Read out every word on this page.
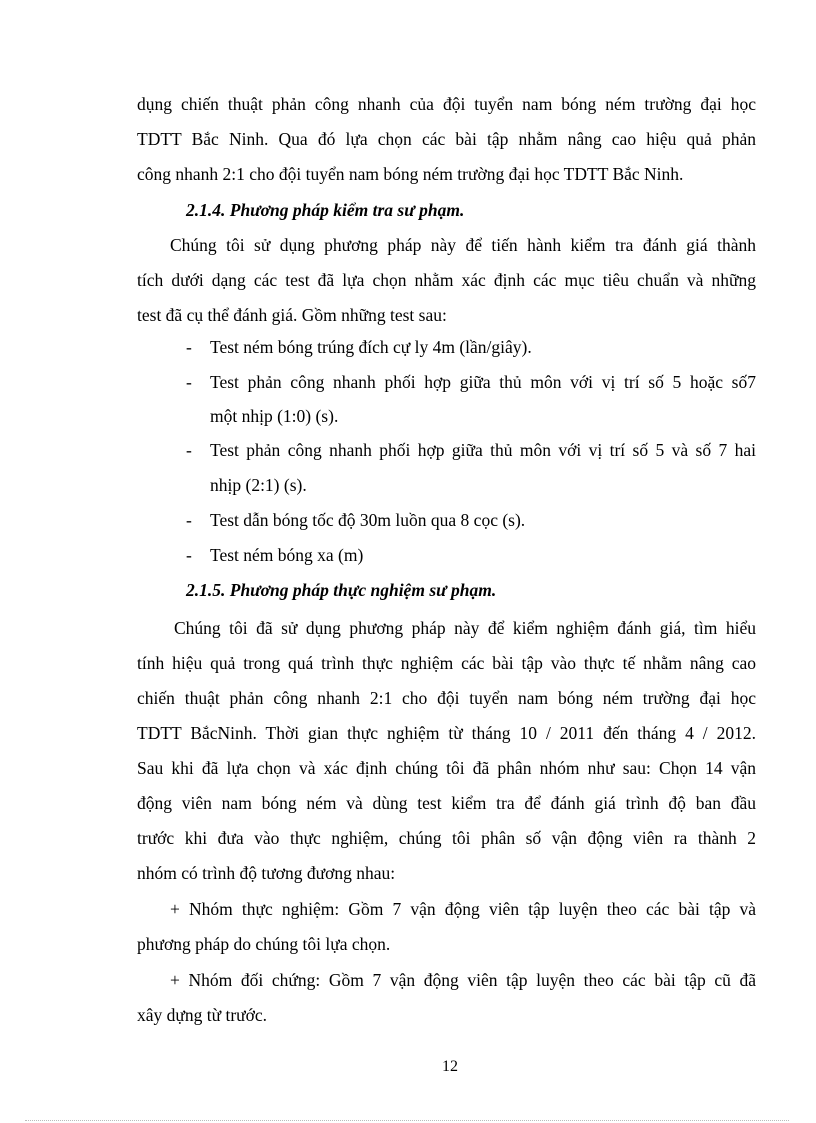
dụng chiến thuật phản công nhanh của đội tuyển nam bóng ném trường đại học
TDTT Bắc Ninh. Qua đó lựa chọn các bài tập nhằm nâng cao hiệu quả phản
công nhanh 2:1 cho đội tuyển nam bóng ném trường đại học TDTT Bắc Ninh.
2.1.4. Phương pháp kiểm tra sư phạm.
Chúng tôi sử dụng phương pháp này để tiến hành kiểm tra đánh giá thành
tích dưới dạng các test đã lựa chọn nhằm xác định các mục tiêu chuẩn và những
test đã cụ thể đánh giá. Gồm những test sau:
- Test ném bóng trúng đích cự ly 4m (lần/giây).
- Test phản công nhanh phối hợp giữa thủ môn với vị trí số 5 hoặc số7
một nhịp (1:0) (s).
- Test phản công nhanh phối hợp giữa thủ môn với vị trí số 5 và số 7 hai
nhịp (2:1) (s).
- Test dẫn bóng tốc độ 30m luồn qua 8 cọc (s).
- Test ném bóng xa (m)
2.1.5. Phương pháp thực nghiệm sư phạm.
Chúng tôi đã sử dụng phương pháp này để kiểm nghiệm đánh giá, tìm hiểu
tính hiệu quả trong quá trình thực nghiệm các bài tập vào thực tế nhằm nâng cao
chiến thuật phản công nhanh 2:1 cho đội tuyển nam bóng ném trường đại học
TDTT BắcNinh. Thời gian thực nghiệm từ tháng 10 / 2011 đến tháng 4 / 2012.
Sau khi đã lựa chọn và xác định chúng tôi đã phân nhóm như sau: Chọn 14 vận
động viên nam bóng ném và dùng test kiểm tra để đánh giá trình độ ban đầu
trước khi đưa vào thực nghiệm, chúng tôi phân số vận động viên ra thành 2
nhóm có trình độ tương đương nhau:
+ Nhóm thực nghiệm: Gồm 7 vận động viên tập luyện theo các bài tập và
phương pháp do chúng tôi lựa chọn.
+ Nhóm đối chứng: Gồm 7 vận động viên tập luyện theo các bài tập cũ đã
xây dựng từ trước.
12
